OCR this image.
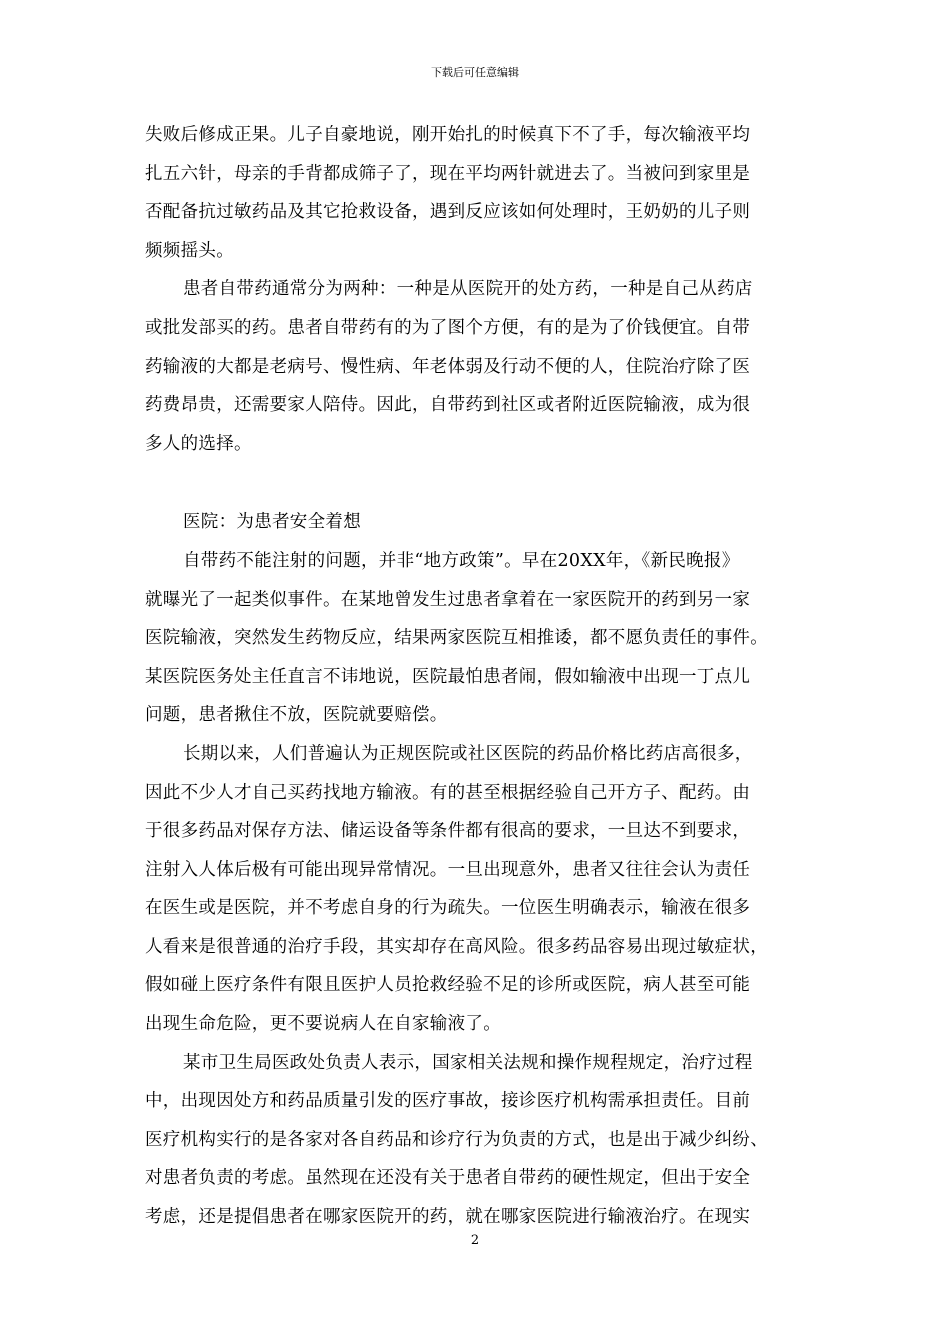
下载后可任意编辑
失败后修成正果。儿子自豪地说，刚开始扎的时候真下不了手，每次输液平均
扎五六针，母亲的手背都成筛子了，现在平均两针就进去了。当被问到家里是
否配备抗过敏药品及其它抢救设备，遇到反应该如何处理时，王奶奶的儿子则
频频摇头。
患者自带药通常分为两种：一种是从医院开的处方药，一种是自己从药店
或批发部买的药。患者自带药有的为了图个方便，有的是为了价钱便宜。自带
药输液的大都是老病号、慢性病、年老体弱及行动不便的人，住院治疗除了医
药费昂贵，还需要家人陪侍。因此，自带药到社区或者附近医院输液，成为很
多人的选择。
医院：为患者安全着想
自带药不能注射的问题，并非“地方政策”。早在20XX年，《新民晚报》
就曝光了一起类似事件。在某地曾发生过患者拿着在一家医院开的药到另一家
医院输液，突然发生药物反应，结果两家医院互相推诿，都不愿负责任的事件。
某医院医务处主任直言不讳地说，医院最怕患者闹，假如输液中出现一丁点儿
问题，患者揪住不放，医院就要赔偿。
长期以来，人们普遍认为正规医院或社区医院的药品价格比药店高很多，
因此不少人才自己买药找地方输液。有的甚至根据经验自己开方子、配药。由
于很多药品对保存方法、储运设备等条件都有很高的要求，一旦达不到要求，
注射入人体后极有可能出现异常情况。一旦出现意外，患者又往往会认为责任
在医生或是医院，并不考虑自身的行为疏失。一位医生明确表示，输液在很多
人看来是很普通的治疗手段，其实却存在高风险。很多药品容易出现过敏症状，
假如碰上医疗条件有限且医护人员抢救经验不足的诊所或医院，病人甚至可能
出现生命危险，更不要说病人在自家输液了。
某市卫生局医政处负责人表示，国家相关法规和操作规程规定，治疗过程
中，出现因处方和药品质量引发的医疗事故，接诊医疗机构需承担责任。目前
医疗机构实行的是各家对各自药品和诊疗行为负责的方式，也是出于减少纠纷、
对患者负责的考虑。虽然现在还没有关于患者自带药的硬性规定，但出于安全
考虑，还是提倡患者在哪家医院开的药，就在哪家医院进行输液治疗。在现实
2
